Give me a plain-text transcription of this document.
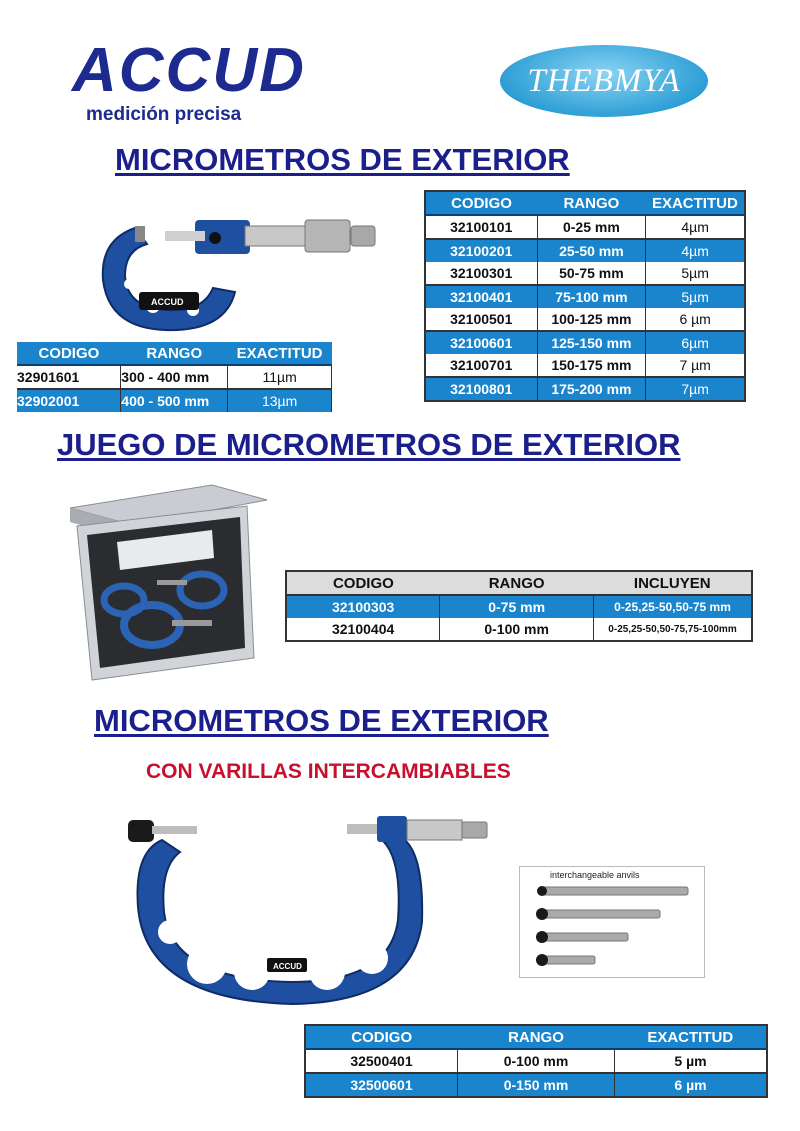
ACCUD
medición precisa
THEBMYA
MICROMETROS DE EXTERIOR
ACCUD
CODIGO	RANGO	EXACTITUD
32901601	300 - 400 mm	11µm
32902001	400 - 500 mm	13µm
CODIGO	RANGO	EXACTITUD
32100101	0-25 mm	4µm
32100201	25-50 mm	4µm
32100301	50-75 mm	5µm
32100401	75-100 mm	5µm
32100501	100-125 mm	6 µm
32100601	125-150 mm	6µm
32100701	150-175 mm	7 µm
32100801	175-200 mm	7µm
JUEGO DE MICROMETROS DE EXTERIOR
CODIGO	RANGO	INCLUYEN
32100303	0-75 mm	0-25,25-50,50-75 mm
32100404	0-100 mm	0-25,25-50,50-75,75-100mm
MICROMETROS DE EXTERIOR
CON VARILLAS INTERCAMBIABLES
ACCUD
interchangeable anvils
CODIGO	RANGO	EXACTITUD
32500401	0-100 mm	5 µm
32500601	0-150 mm	6 µm
